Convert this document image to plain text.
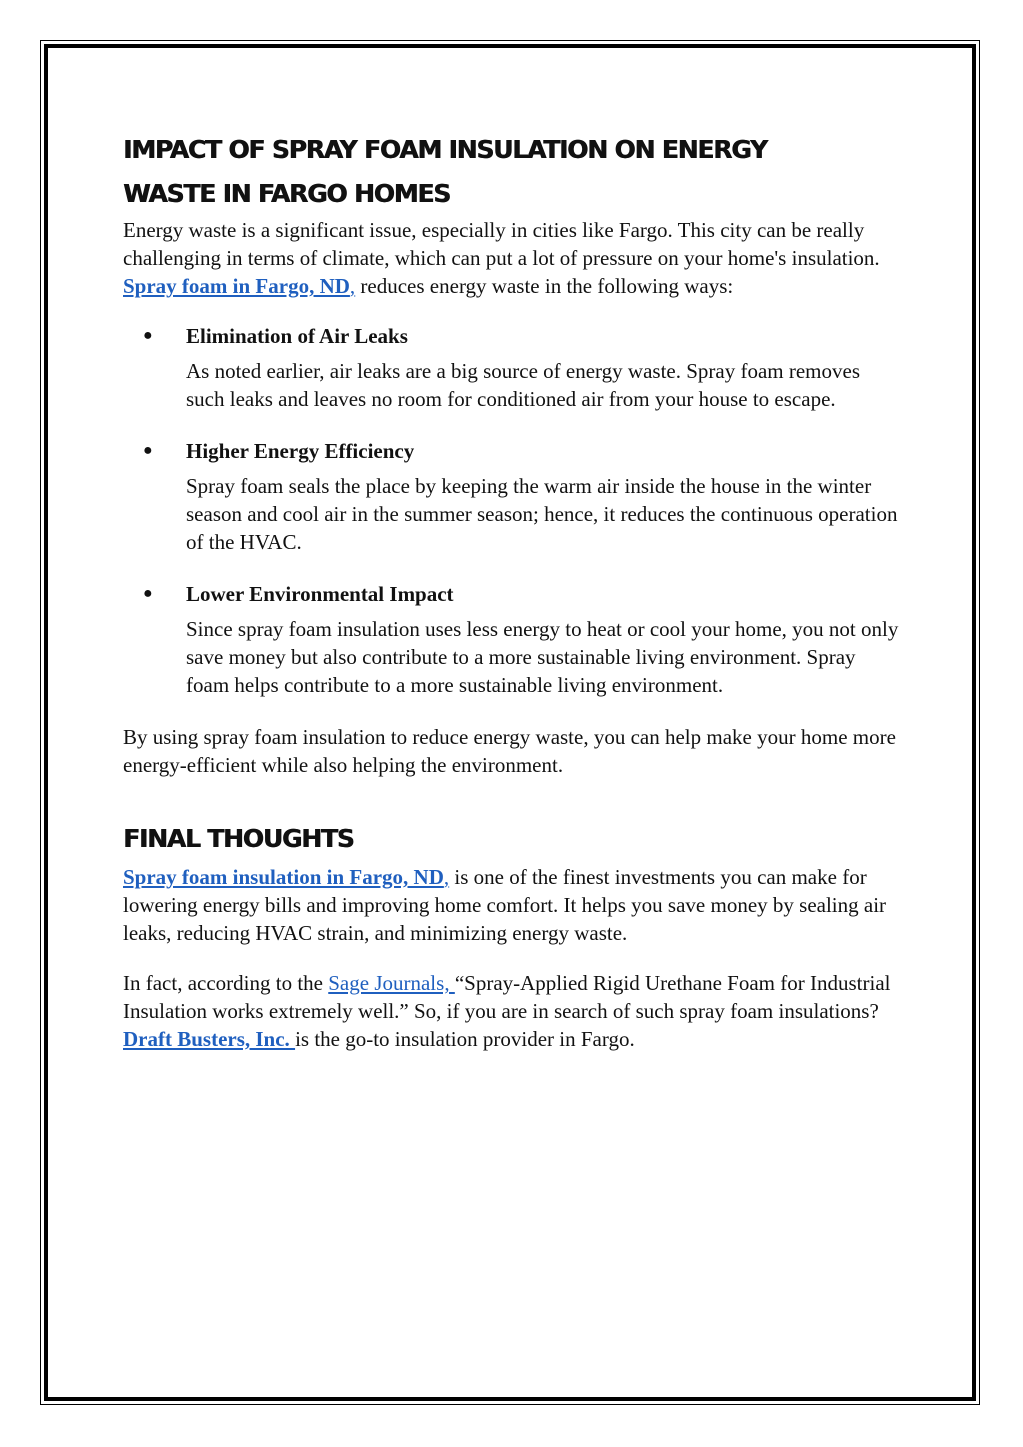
IMPACT OF SPRAY FOAM INSULATION ON ENERGY WASTE IN FARGO HOMES

Energy waste is a significant issue, especially in cities like Fargo. This city can be really challenging in terms of climate, which can put a lot of pressure on your home's insulation. Spray foam in Fargo, ND, reduces energy waste in the following ways:

● Elimination of Air Leaks
As noted earlier, air leaks are a big source of energy waste. Spray foam removes such leaks and leaves no room for conditioned air from your house to escape.
● Higher Energy Efficiency
Spray foam seals the place by keeping the warm air inside the house in the winter season and cool air in the summer season; hence, it reduces the continuous operation of the HVAC.
● Lower Environmental Impact
Since spray foam insulation uses less energy to heat or cool your home, you not only save money but also contribute to a more sustainable living environment. Spray foam helps contribute to a more sustainable living environment.

By using spray foam insulation to reduce energy waste, you can help make your home more energy-efficient while also helping the environment.

FINAL THOUGHTS

Spray foam insulation in Fargo, ND, is one of the finest investments you can make for lowering energy bills and improving home comfort. It helps you save money by sealing air leaks, reducing HVAC strain, and minimizing energy waste.

In fact, according to the Sage Journals, “Spray-Applied Rigid Urethane Foam for Industrial Insulation works extremely well.” So, if you are in search of such spray foam insulations? Draft Busters, Inc. is the go-to insulation provider in Fargo.
